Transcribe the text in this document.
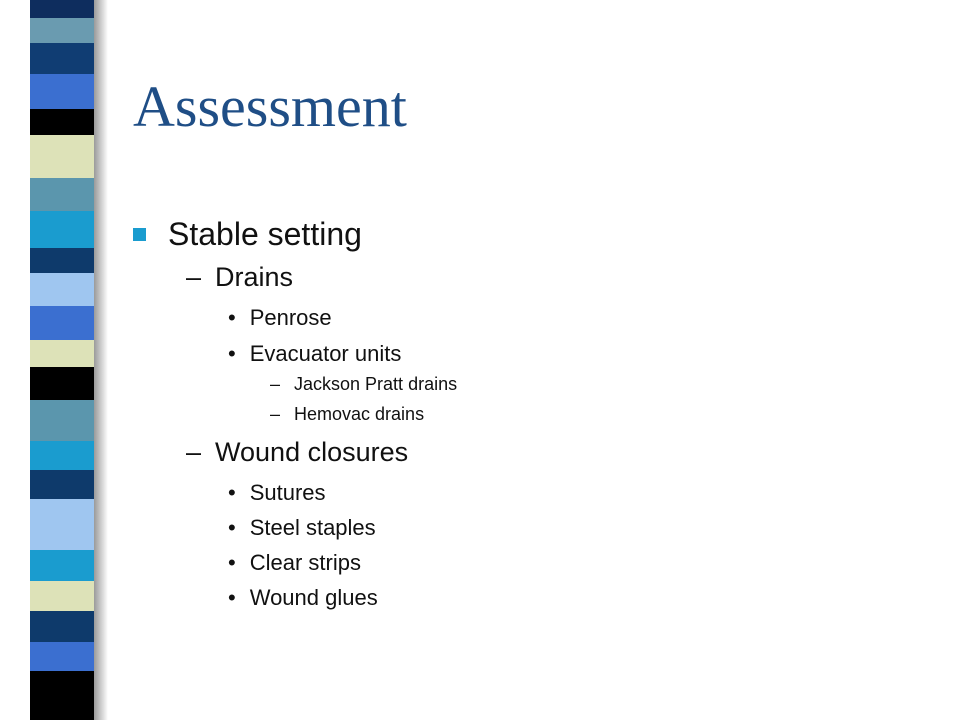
Assessment
Stable setting
– Drains
• Penrose
• Evacuator units
– Jackson Pratt drains
– Hemovac drains
– Wound closures
• Sutures
• Steel staples
• Clear strips
• Wound glues
